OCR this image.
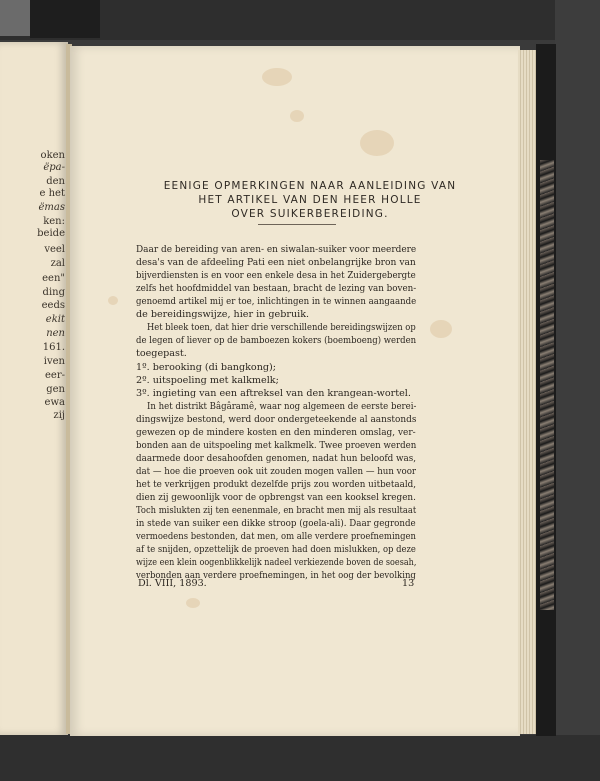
oken
ëpa-
den
e het
ëmas
ken:
beide
veel
zal
een"
ding
eeds
ekit
nen
161.
iven
eer-
gen
ewa
zij
EENIGE OPMERKINGEN NAAR AANLEIDING VAN
HET ARTIKEL VAN DEN HEER HOLLE
OVER SUIKERBEREIDING.
Daar de bereiding van aren- en siwalan-suiker voor meerdere
desa's van de afdeeling Pati een niet onbelangrijke bron van
bijverdiensten is en voor een enkele desa in het Zuidergebergte
zelfs het hoofdmiddel van bestaan, bracht de lezing van boven-
genoemd artikel mij er toe, inlichtingen in te winnen aangaande
de bereidingswijze, hier in gebruik.
Het bleek toen, dat hier drie verschillende bereidingswijzen op
de legen of liever op de bamboezen kokers (boemboeng) werden
toegepast.
1º. berooking (di bangkong);
2º. uitspoeling met kalkmelk;
3º. ingieting van een aftreksel van den krangean-wortel.
In het distrikt Bâgâramê, waar nog algemeen de eerste berei-
dingswijze bestond, werd door ondergeteekende al aanstonds
gewezen op de mindere kosten en den minderen omslag, ver-
bonden aan de uitspoeling met kalkmelk. Twee proeven werden
daarmede door desahoofden genomen, nadat hun beloofd was,
dat — hoe die proeven ook uit zouden mogen vallen — hun voor
het te verkrijgen produkt dezelfde prijs zou worden uitbetaald,
dien zij gewoonlijk voor de opbrengst van een kooksel kregen.
Toch mislukten zij ten eenenmale, en bracht men mij als resultaat
in stede van suiker een dikke stroop (goela-ali). Daar gegronde
vermoedens bestonden, dat men, om alle verdere proefnemingen
af te snijden, opzettelijk de proeven had doen mislukken, op deze
wijze een klein oogenblikkelijk nadeel verkiezende boven de soesah,
verbonden aan verdere proefnemingen, in het oog der bevolking
Dl. VIII, 1893.	13
